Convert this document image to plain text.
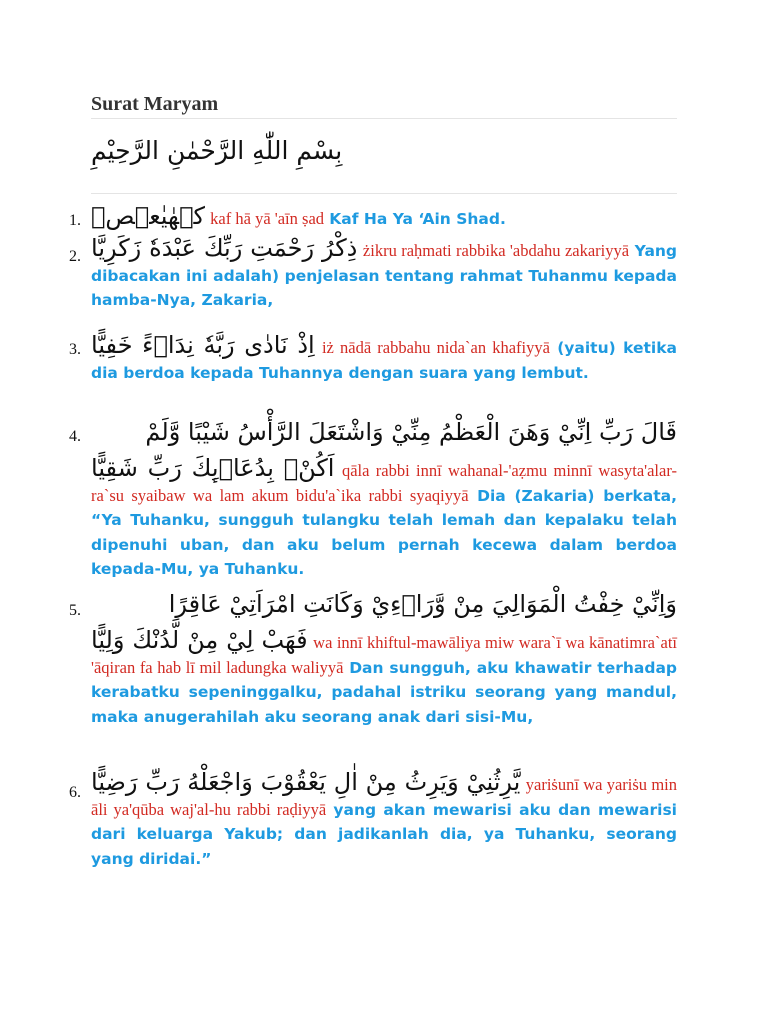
Surat Maryam
بِسْمِ اللّٰهِ الرَّحْمٰنِ الرَّحِيْمِ
1. كۤهٰيٰعۤصۤ kaf hā yā 'aīn ṣad Kaf Ha Ya ‘Ain Shad.

2. ذِكْرُ رَحْمَتِ رَبِّكَ عَبْدَهٗ زَكَرِيَّا żikru raḥmati rabbika 'abdahu zakariyyā Yang dibacakan ini adalah) penjelasan tentang rahmat Tuhanmu kepada hamba-Nya, Zakaria,

3. اِذْ نَادٰى رَبَّهٗ نِدَاۤءً خَفِيًّا iż nādā rabbahu nida`an khafiyyā (yaitu) ketika dia berdoa kepada Tuhannya dengan suara yang lembut.

4.	قَالَ رَبِّ اِنِّيْ وَهَنَ الْعَظْمُ مِنِّيْ وَاشْتَعَلَ الرَّأْسُ شَيْبًا وَّلَمْ

اَكُنْۢ بِدُعَاۤىِٕكَ رَبِّ شَقِيًّا qāla rabbi innī wahanal-'aẓmu minnī wasyta'alar-ra`su syaibaw wa lam akum bidu'a`ika rabbi syaqiyyā Dia (Zakaria) berkata, “Ya Tuhanku, sungguh tulangku telah lemah dan kepalaku telah dipenuhi uban, dan aku belum pernah kecewa dalam berdoa kepada-Mu, ya Tuhanku.

5.	وَاِنِّيْ خِفْتُ الْمَوَالِيَ مِنْ وَّرَاۤءِيْ وَكَانَتِ امْرَاَتِيْ عَاقِرًا

فَهَبْ لِيْ مِنْ لَّدُنْكَ وَلِيًّا wa innī khiftul-mawāliya miw wara`ī wa kānatimra`atī 'āqiran fa hab lī mil ladungka waliyyā Dan sungguh, aku khawatir terhadap kerabatku sepeninggalku, padahal istriku seorang yang mandul, maka anugerahilah aku seorang anak dari sisi-Mu,

6. يَّرِثُنِيْ وَيَرِثُ مِنْ اٰلِ يَعْقُوْبَ وَاجْعَلْهُ رَبِّ رَضِيًّا yariṡunī wa yariṡu min āli ya'qūba waj'al-hu rabbi raḍiyyā yang akan mewarisi aku dan mewarisi dari keluarga Yakub; dan jadikanlah dia, ya Tuhanku, seorang yang diridai.”
